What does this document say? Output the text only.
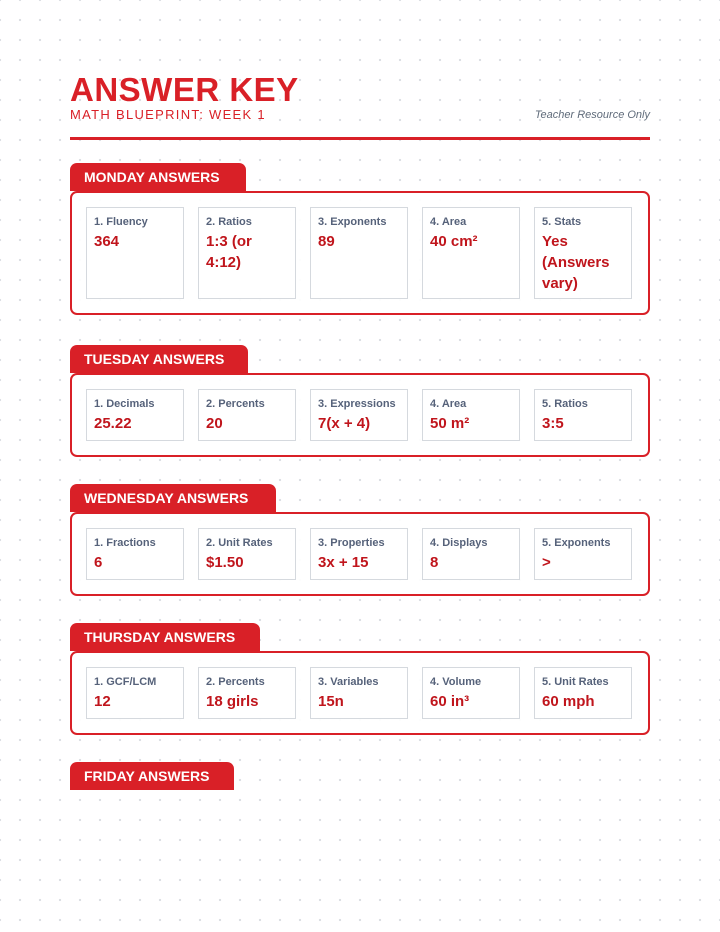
ANSWER KEY
MATH BLUEPRINT: WEEK 1	Teacher Resource Only
MONDAY ANSWERS
1. Fluency
364
2. Ratios
1:3 (or 4:12)
3. Exponents
89
4. Area
40 cm²
5. Stats
Yes (Answers vary)
TUESDAY ANSWERS
1. Decimals
25.22
2. Percents
20
3. Expressions
7(x + 4)
4. Area
50 m²
5. Ratios
3:5
WEDNESDAY ANSWERS
1. Fractions
6
2. Unit Rates
$1.50
3. Properties
3x + 15
4. Displays
8
5. Exponents
>
THURSDAY ANSWERS
1. GCF/LCM
12
2. Percents
18 girls
3. Variables
15n
4. Volume
60 in³
5. Unit Rates
60 mph
FRIDAY ANSWERS
